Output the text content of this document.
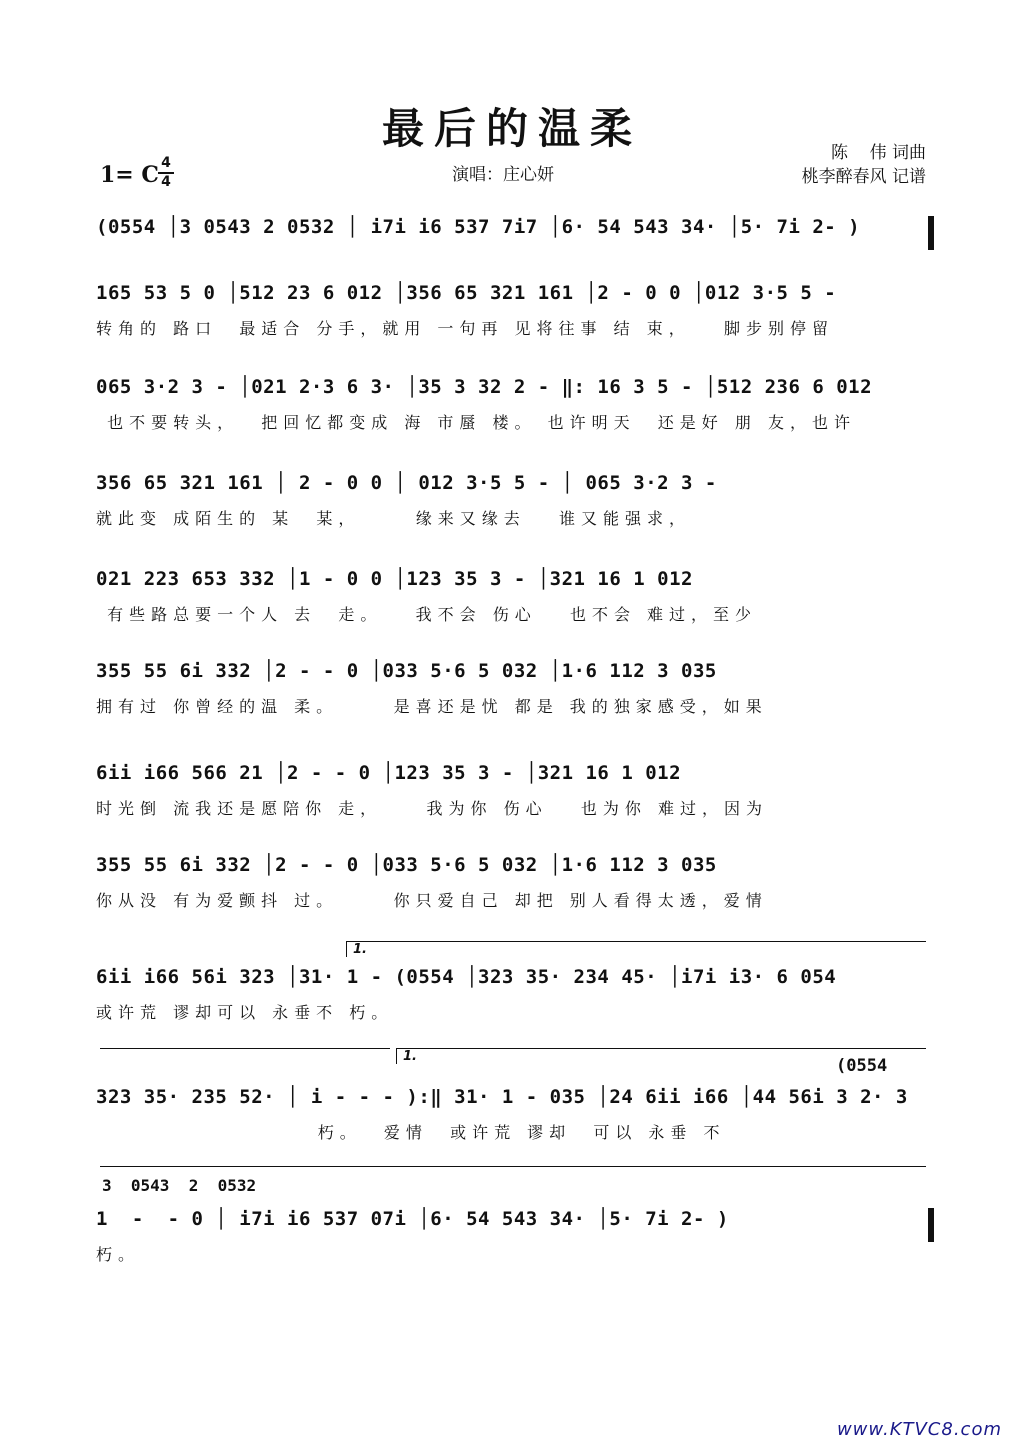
最后的温柔
1= C 4
4	演唱：庄心妍
陈    伟 词曲
桃李醉春风 记谱
(0554 │3 0543 2 0532 │ i7i i6 537 7i7 │6· 54 543 34· │5· 7i 2- )
165 53 5 0 │512 23 6 012 │356 65 321 161 │2 - 0 0 │012 3·5 5 -
转角的 路口  最适合 分手，就用 一句再 见将往事 结 束，   脚步别停留
065 3·2 3 - │021 2·3 6 3· │35 3 32 2 - ‖: 16 3 5 - │512 236 6 012
也不要转头，  把回忆都变成 海 市蜃 楼。 也许明天  还是好 朋 友，也许
356 65 321 161 │ 2 - 0 0 │ 012 3·5 5 - │ 065 3·2 3 -
就此变 成陌生的 某  某，     缘来又缘去   谁又能强求，
021 223 653 332 │1 - 0 0 │123 35 3 - │321 16 1 012
有些路总要一个人 去  走。   我不会 伤心   也不会 难过，至少
355 55 6i 332 │2 - - 0 │033 5·6 5 032 │1·6 112 3 035
拥有过 你曾经的温 柔。     是喜还是忧 都是 我的独家感受，如果
6ii i66 566 21 │2 - - 0 │123 35 3 - │321 16 1 012
时光倒 流我还是愿陪你 走，    我为你 伤心   也为你 难过，因为
355 55 6i 332 │2 - - 0 │033 5·6 5 032 │1·6 112 3 035
你从没 有为爱颤抖 过。     你只爱自己 却把 别人看得太透，爱情
1.
6ii i66 56i 323 │31· 1 - (0554 │323 35· 234 45· │i7i i3· 6 054
或许荒 谬却可以 永垂不 朽。
1.	(0554
323 35· 235 52· │ i - - - ):‖ 31· 1 - 035 │24 6ii i66 │44 56i 3 2· 3
朽。  爱情  或许荒 谬却  可以 永垂 不
3  0543  2  0532
1  -  - 0 │ i7i i6 537 07i │6· 54 543 34· │5· 7i 2- )
朽。
www.KTVC8.com
